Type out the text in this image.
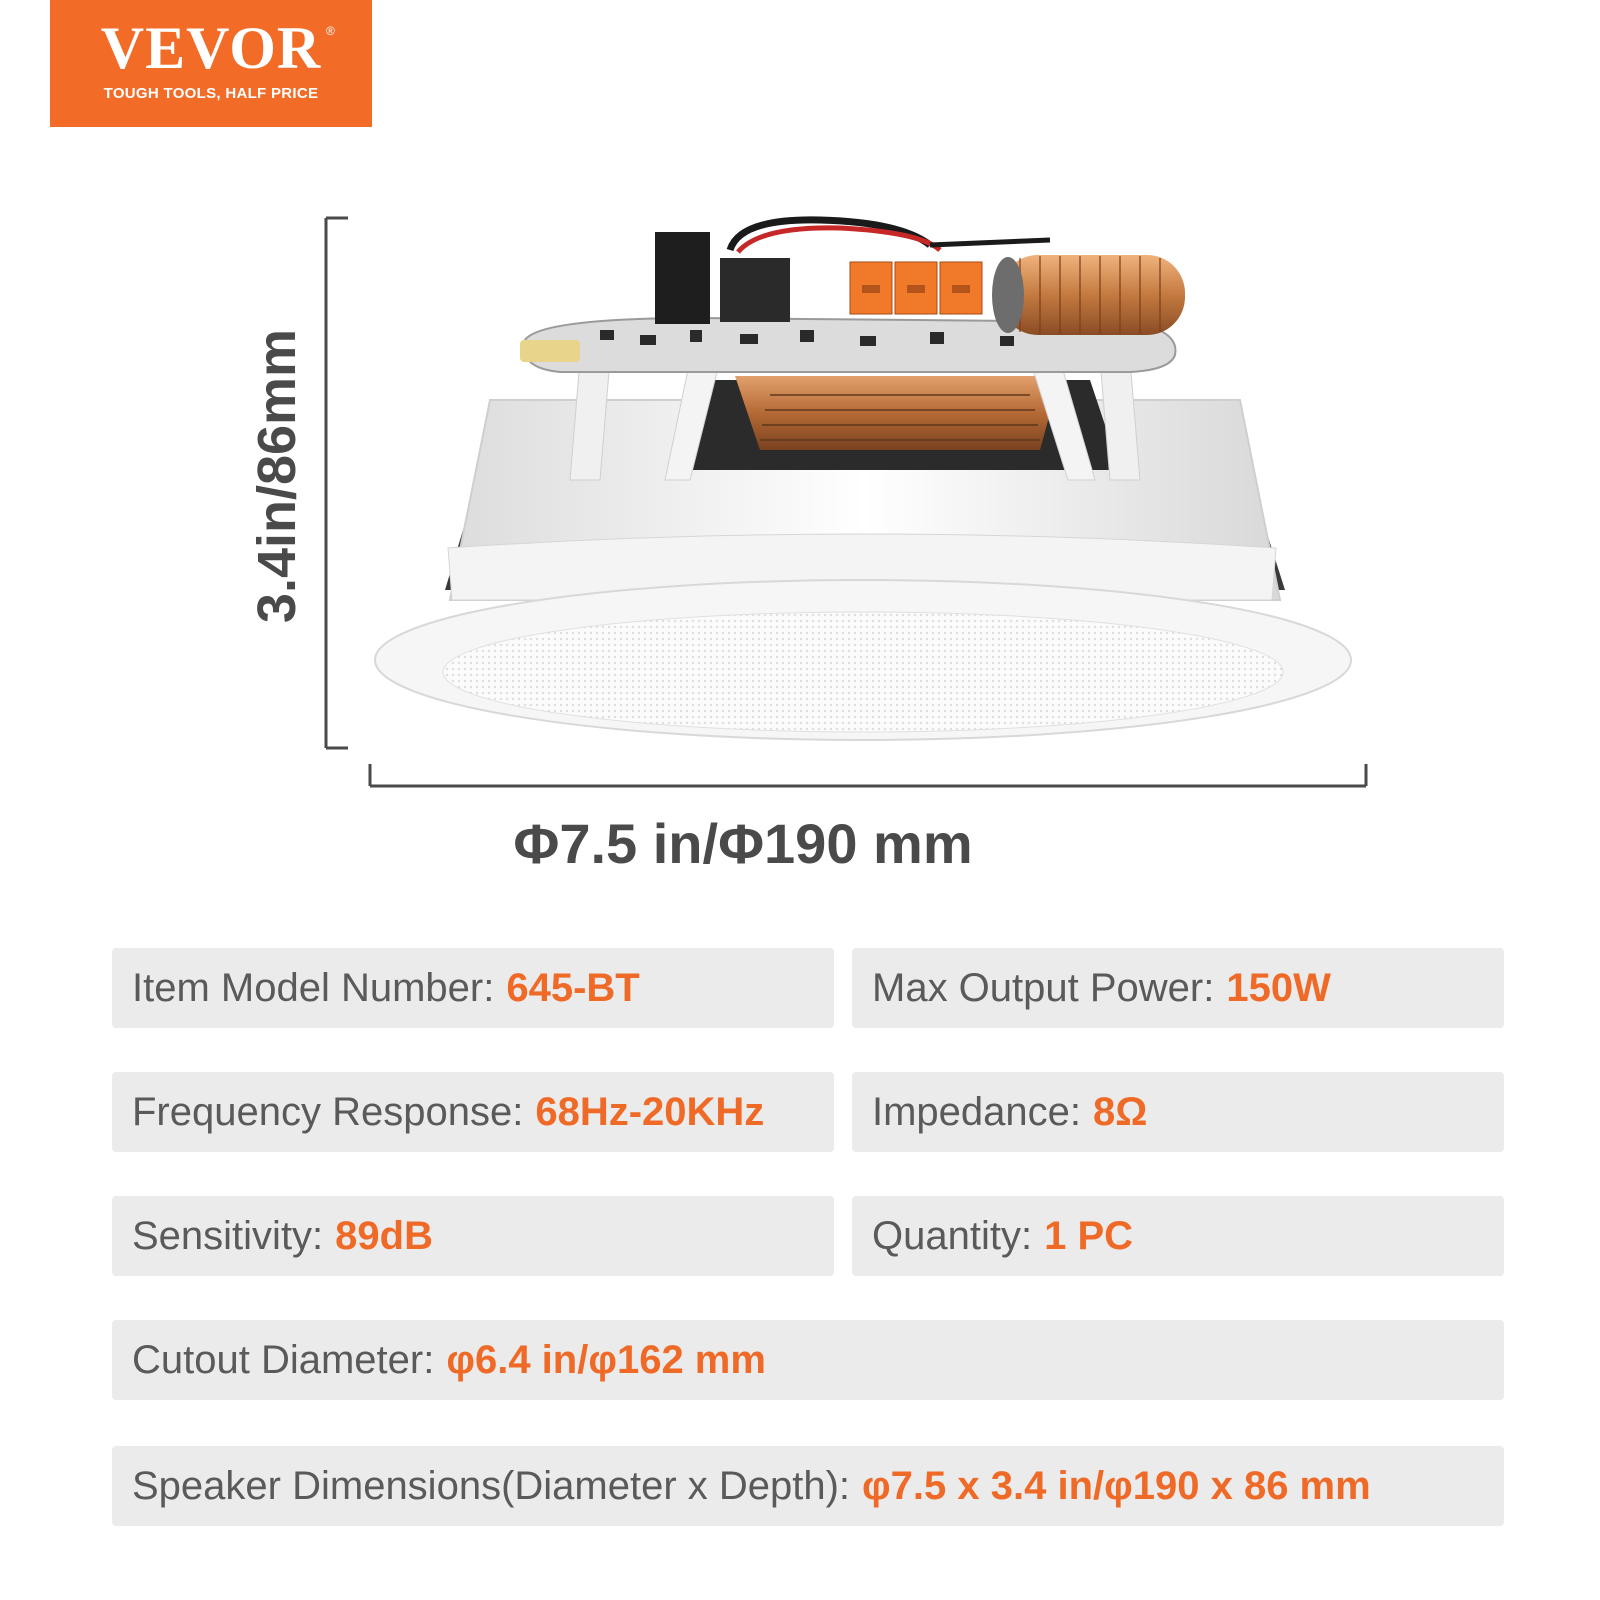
VEVOR ®
TOUGH TOOLS, HALF PRICE
3.4in/86mm
Φ7.5 in/Φ190 mm
Item Model Number: 645-BT	Max Output Power: 150W
Frequency Response: 68Hz-20KHz	Impedance: 8Ω
Sensitivity: 89dB	Quantity: 1 PC
Cutout Diameter: φ6.4 in/φ162 mm
Speaker Dimensions(Diameter x Depth): φ7.5 x 3.4 in/φ190 x 86 mm
